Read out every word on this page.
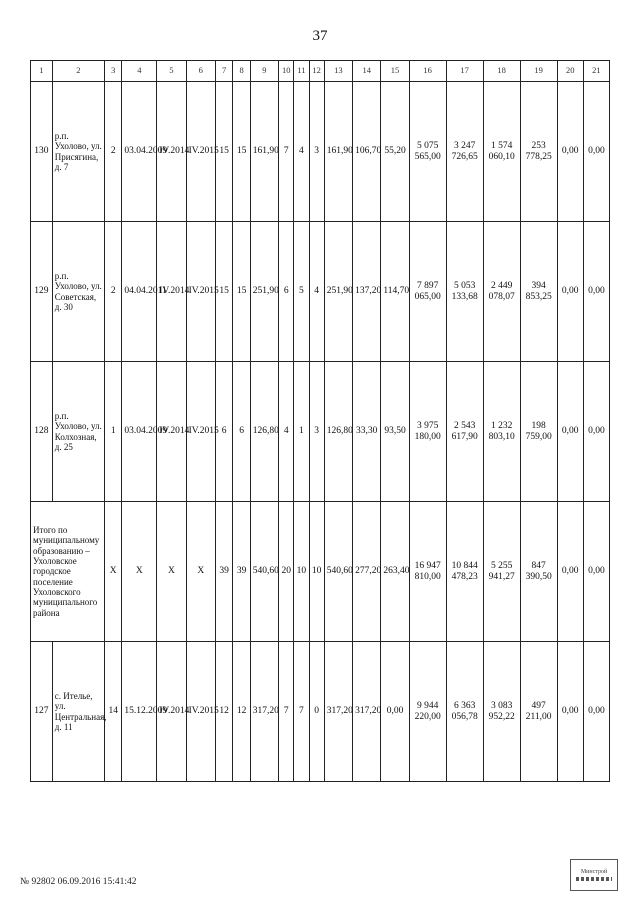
37
1	2	3	4	5	6	7	8	9	10	11	12	13	14	15	16	17	18	19	20	21
130	р.п. Ухолово, ул. Присягина, д. 7	2	03.04.2009	IV.2014	IV.2015	15	15	161,90	7	4	3	161,90	106,70	55,20	5 075 565,00	3 247 726,65	1 574 060,10	253 778,25	0,00	0,00
129	р.п. Ухолово, ул. Советская, д. 30	2	04.04.2011	IV.2014	IV.2015	15	15	251,90	6	5	4	251,90	137,20	114,70	7 897 065,00	5 053 133,68	2 449 078,07	394 853,25	0,00	0,00
128	р.п. Ухолово, ул. Колхозная, д. 25	1	03.04.2009	IV.2014	IV.2015	6	6	126,80	4	1	3	126,80	33,30	93,50	3 975 180,00	2 543 617,90	1 232 803,10	198 759,00	0,00	0,00
Итого по муниципальному образованию – Ухоловское городское поселение Ухоловского муниципального района		X	X	X	X	39	39	540,60	20	10	10	540,60	277,20	263,40	16 947 810,00	10 844 478,23	5 255 941,27	847 390,50	0,00	0,00
127	с. Ителье, ул. Центральная, д. 11	14	15.12.2009	IV.2014	IV.2015	12	12	317,20	7	7	0	317,20	317,20	0,00	9 944 220,00	6 363 056,78	3 083 952,22	497 211,00	0,00	0,00
№ 92802 06.09.2016 15:41:42
Минстрой
